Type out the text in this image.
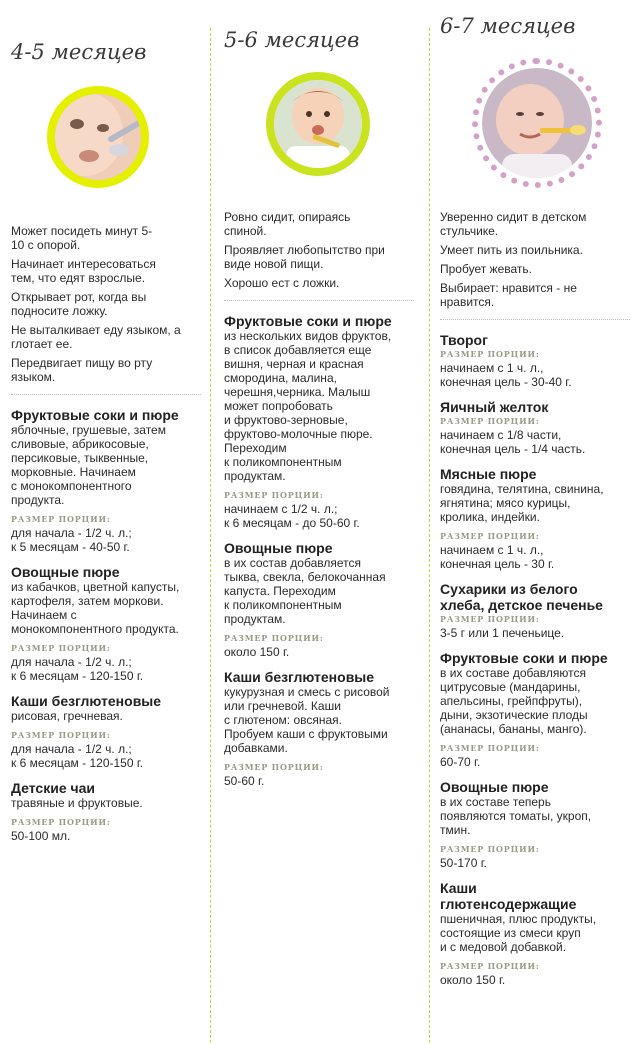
4-5 месяцев

Может посидеть минут 5-10 с опорой.

Начинает интересоваться тем, что едят взрослые.

Открывает рот, когда вы подносите ложку.

Не выталкивает еду языком, а глотает ее.

Передвигает пищу во рту языком.

Фруктовые соки и пюре
яблочные, грушевые, затем
сливовые, абрикосовые,
персиковые, тыквенные,
морковные. Начинаем
с монокомпонентного
продукта.
РАЗМЕР ПОРЦИИ:
для начала - 1/2 ч. л.;
к 5 месяцам - 40-50 г.
Овощные пюре
из кабачков, цветной капусты,
картофеля, затем моркови.
Начинаем с
монокомпонентного продукта.
РАЗМЕР ПОРЦИИ:
для начала - 1/2 ч. л.;
к 6 месяцам - 120-150 г.
Каши безглютеновые
рисовая, гречневая.
РАЗМЕР ПОРЦИИ:
для начала - 1/2 ч. л.;
к 6 месяцам - 120-150 г.
Детские чаи
травяные и фруктовые.
РАЗМЕР ПОРЦИИ:
50-100 мл.
5-6 месяцев

Ровно сидит, опираясь спиной.

Проявляет любопытство при виде новой пищи.

Хорошо ест с ложки.

Фруктовые соки и пюре
из нескольких видов фруктов,
в список добавляется еще
вишня, черная и красная
смородина, малина,
черешня,черника. Малыш
может попробовать
и фруктово-зерновые,
фруктово-молочные пюре.
Переходим
к поликомпонентным
продуктам.
РАЗМЕР ПОРЦИИ:
начинаем с 1/2 ч. л.;
к 6 месяцам - до 50-60 г.
Овощные пюре
в их состав добавляется
тыква, свекла, белокочанная
капуста. Переходим
к поликомпонентным
продуктам.
РАЗМЕР ПОРЦИИ:
около 150 г.
Каши безглютеновые
кукурузная и смесь с рисовой
или гречневой. Каши
с глютеном: овсяная.
Пробуем каши с фруктовыми
добавками.
РАЗМЕР ПОРЦИИ:
50-60 г.
6-7 месяцев

Уверенно сидит в детском стульчике.

Умеет пить из поильника.

Пробует жевать.

Выбирает: нравится - не нравится.

Творог
РАЗМЕР ПОРЦИИ:
начинаем с 1 ч. л.,
конечная цель - 30-40 г.
Яичный желток
РАЗМЕР ПОРЦИИ:
начинаем с 1/8 части,
конечная цель - 1/4 часть.
Мясные пюре
говядина, телятина, свинина,
ягнятина; мясо курицы,
кролика, индейки.
РАЗМЕР ПОРЦИИ:
начинаем с 1 ч. л.,
конечная цель - 30 г.
Сухарики из белого хлеба, детское печенье
РАЗМЕР ПОРЦИИ:
3-5 г или 1 печеньице.
Фруктовые соки и пюре
в их составе добавляются
цитрусовые (мандарины,
апельсины, грейпфруты),
дыни, экзотические плоды
(ананасы, бананы, манго).
РАЗМЕР ПОРЦИИ:
60-70 г.
Овощные пюре
в их составе теперь
появляются томаты, укроп,
тмин.
РАЗМЕР ПОРЦИИ:
50-170 г.
Каши глютенсодержащие
пшеничная, плюс продукты,
состоящие из смеси круп
и с медовой добавкой.
РАЗМЕР ПОРЦИИ:
около 150 г.
